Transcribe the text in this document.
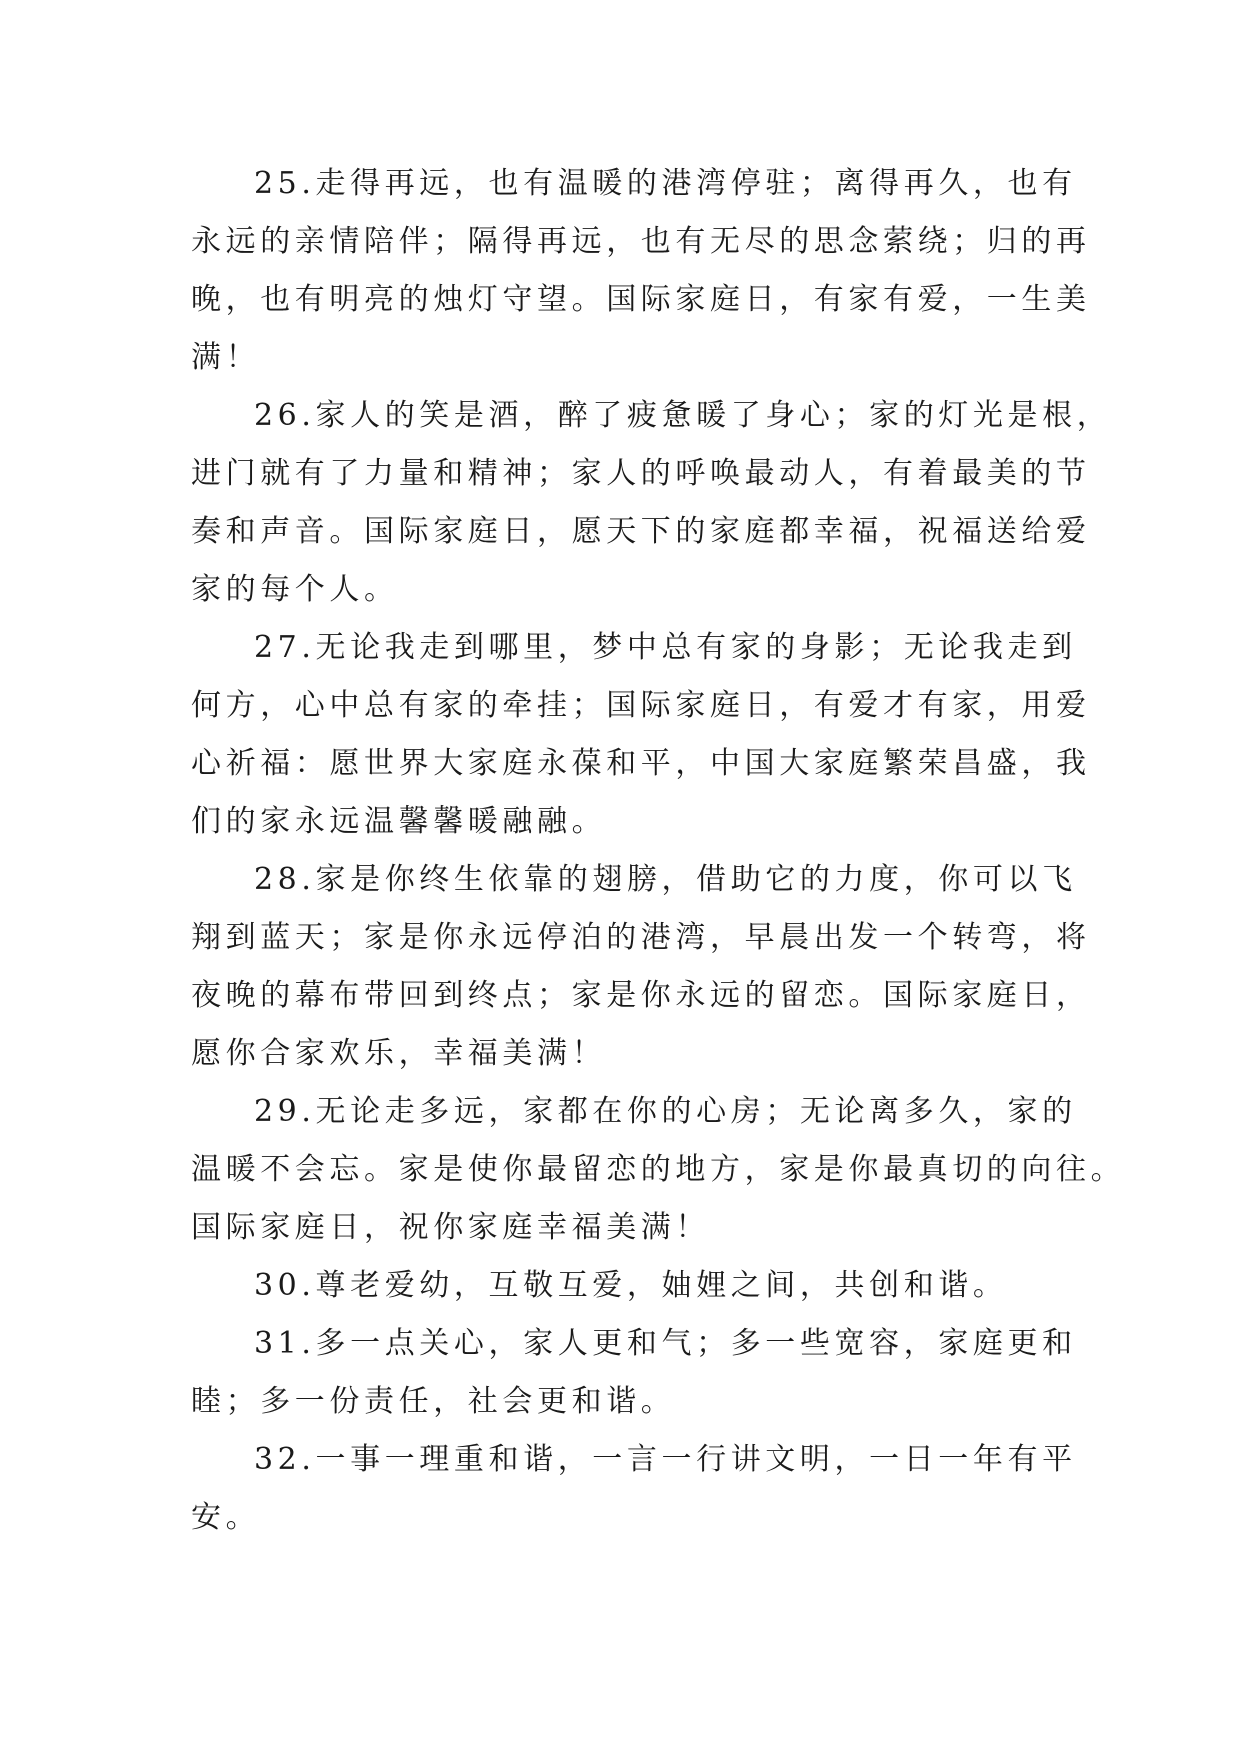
25.走得再远，也有温暖的港湾停驻；离得再久，也有
永远的亲情陪伴；隔得再远，也有无尽的思念萦绕；归的再
晚，也有明亮的烛灯守望。国际家庭日，有家有爱，一生美
满！
26.家人的笑是酒，醉了疲惫暖了身心；家的灯光是根，
进门就有了力量和精神；家人的呼唤最动人，有着最美的节
奏和声音。国际家庭日，愿天下的家庭都幸福，祝福送给爱
家的每个人。
27.无论我走到哪里，梦中总有家的身影；无论我走到
何方，心中总有家的牵挂；国际家庭日，有爱才有家，用爱
心祈福：愿世界大家庭永葆和平，中国大家庭繁荣昌盛，我
们的家永远温馨馨暖融融。
28.家是你终生依靠的翅膀，借助它的力度，你可以飞
翔到蓝天；家是你永远停泊的港湾，早晨出发一个转弯，将
夜晚的幕布带回到终点；家是你永远的留恋。国际家庭日，
愿你合家欢乐，幸福美满！
29.无论走多远，家都在你的心房；无论离多久，家的
温暖不会忘。家是使你最留恋的地方，家是你最真切的向往。
国际家庭日，祝你家庭幸福美满！
30.尊老爱幼，互敬互爱，妯娌之间，共创和谐。
31.多一点关心，家人更和气；多一些宽容，家庭更和
睦；多一份责任，社会更和谐。
32.一事一理重和谐，一言一行讲文明，一日一年有平
安。
